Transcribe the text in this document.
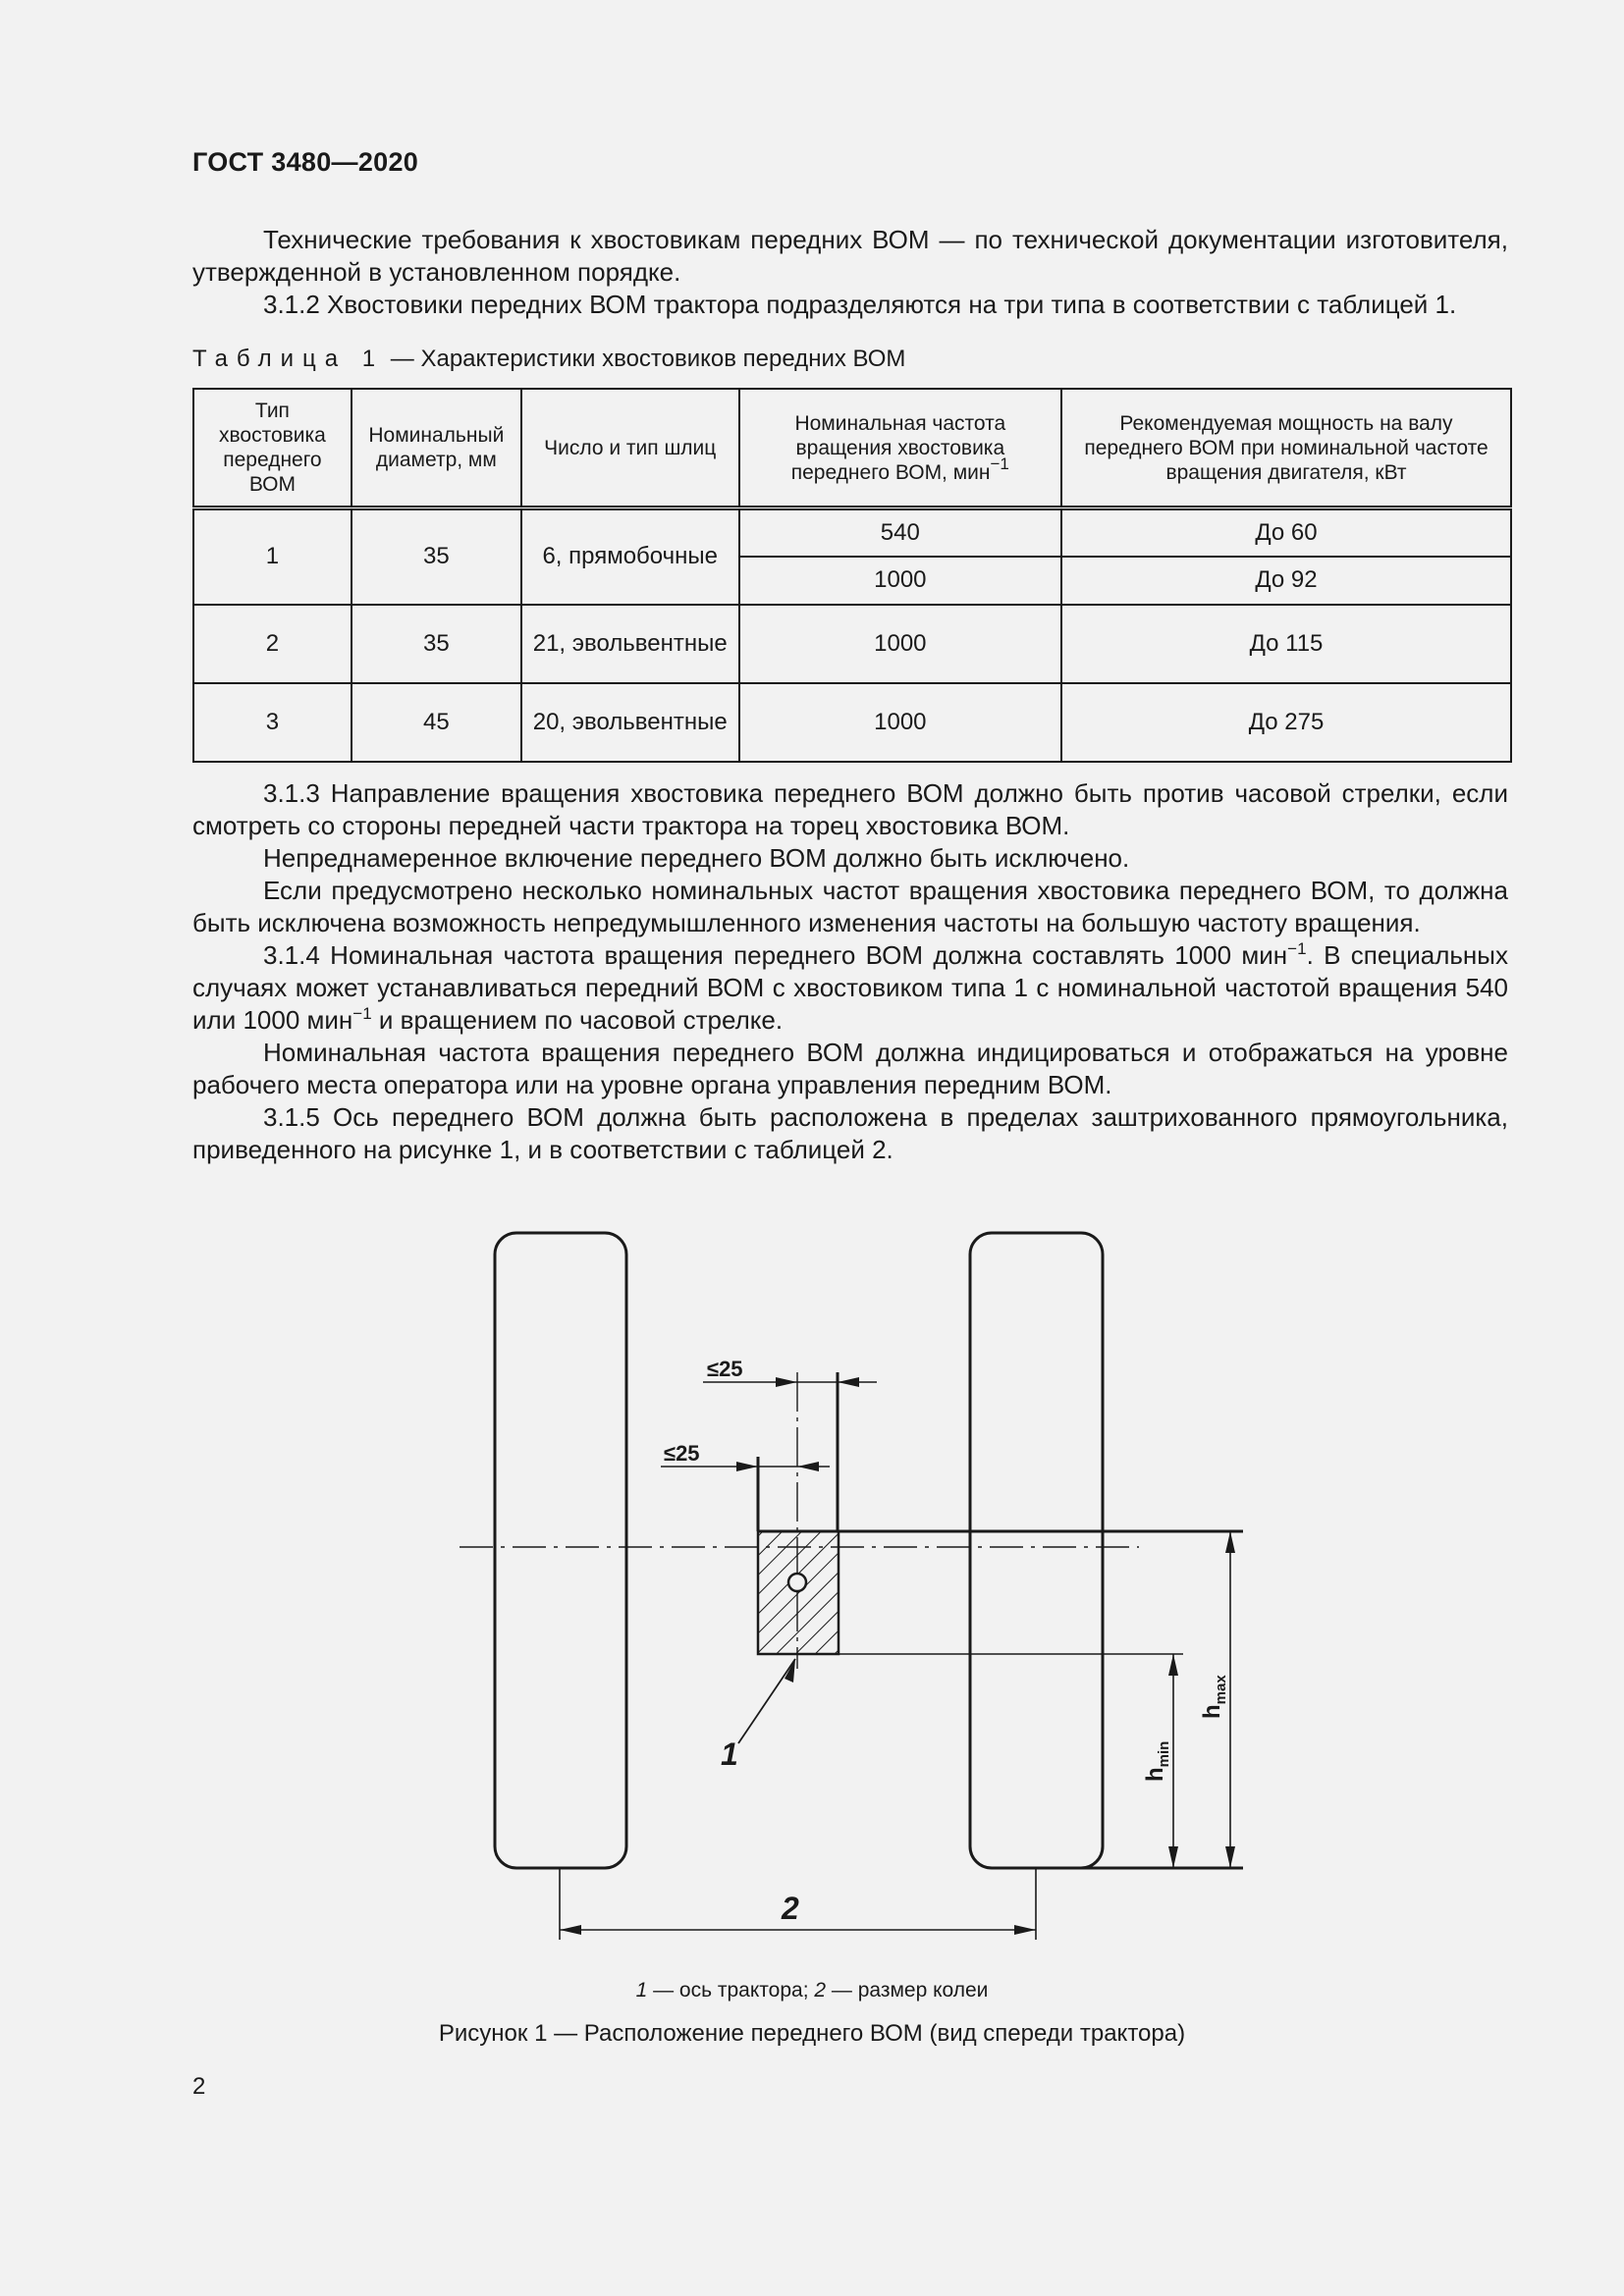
ГОСТ 3480—2020

Технические требования к хвостовикам передних ВОМ — по технической документации изготовителя, утвержденной в установленном порядке.

3.1.2 Хвостовики передних ВОМ трактора подразделяются на три типа в соответствии с таблицей 1.

Таблица 1 — Характеристики хвостовиков передних ВОМ
Тип хвостовика переднего ВОМ	Номинальный диаметр, мм	Число и тип шлиц	Номинальная частота вращения хвостовика переднего ВОМ, мин$^{-1}$	Рекомендуемая мощность на валу переднего ВОМ при номинальной частоте вращения двигателя, кВт
1	35	6, прямобочные	540	До 60
			1000	До 92
2	35	21, эвольвентные	1000	До 115
3	45	20, эвольвентные	1000	До 275

3.1.3 Направление вращения хвостовика переднего ВОМ должно быть против часовой стрелки, если смотреть со стороны передней части трактора на торец хвостовика ВОМ.

Непреднамеренное включение переднего ВОМ должно быть исключено.

Если предусмотрено несколько номинальных частот вращения хвостовика переднего ВОМ, то должна быть исключена возможность непредумышленного изменения частоты на большую частоту вращения.

3.1.4 Номинальная частота вращения переднего ВОМ должна составлять 1000 мин$^{-1}$. В специальных случаях может устанавливаться передний ВОМ с хвостовиком типа 1 с номинальной частотой вращения 540 или 1000 мин$^{-1}$ и вращением по часовой стрелке.

Номинальная частота вращения переднего ВОМ должна индицироваться и отображаться на уровне рабочего места оператора или на уровне органа управления передним ВОМ.

3.1.5 Ось переднего ВОМ должна быть расположена в пределах заштрихованного прямоугольника, приведенного на рисунке 1, и в соответствии с таблицей 2.

≤25
≤25
1
2
$h_{min}$
$h_{max}$
1 — ось трактора; 2 — размер колеи
Рисунок 1 — Расположение переднего ВОМ (вид спереди трактора)
2
